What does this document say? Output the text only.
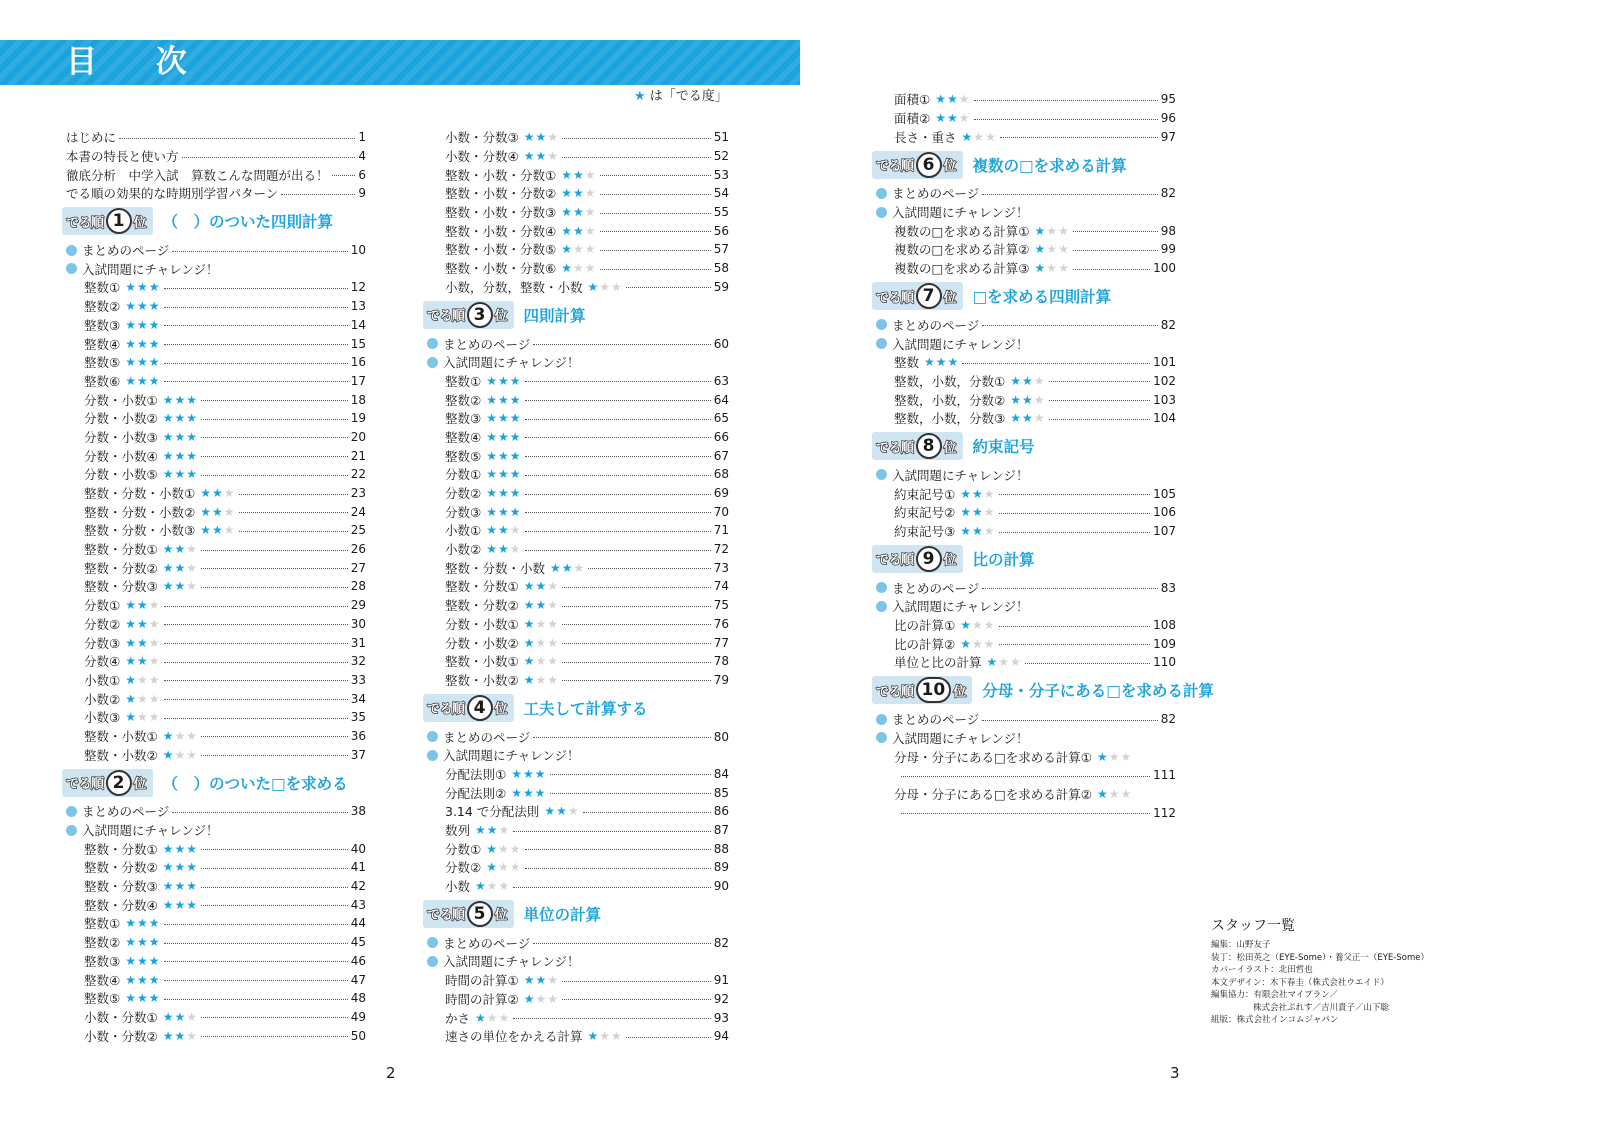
目 次
★ は「でる度」
はじめに	1
本書の特長と使い方	4
徹底分析　中学入試　算数こんな問題が出る！ 6
でる順の効果的な時期別学習パターン	9
でる順 1 位 （　）のついた四則計算
まとめのページ	10
入試問題にチャレンジ！
整数① ★★★	12
整数② ★★★	13
整数③ ★★★	14
整数④ ★★★	15
整数⑤ ★★★	16
整数⑥ ★★★	17
分数・小数① ★★★	18
分数・小数② ★★★	19
分数・小数③ ★★★	20
分数・小数④ ★★★	21
分数・小数⑤ ★★★	22
整数・分数・小数① ★★★	23
整数・分数・小数② ★★★	24
整数・分数・小数③ ★★★	25
整数・分数① ★★★	26
整数・分数② ★★★	27
整数・分数③ ★★★	28
分数① ★★★	29
分数② ★★★	30
分数③ ★★★	31
分数④ ★★★	32
小数① ★★★	33
小数② ★★★	34
小数③ ★★★	35
整数・小数① ★★★	36
整数・小数② ★★★	37
でる順 2 位 （　）のついた□を求める
まとめのページ	38
入試問題にチャレンジ！
整数・分数① ★★★	40
整数・分数② ★★★	41
整数・分数③ ★★★	42
整数・分数④ ★★★	43
整数① ★★★	44
整数② ★★★	45
整数③ ★★★	46
整数④ ★★★	47
整数⑤ ★★★	48
小数・分数① ★★★	49
小数・分数② ★★★	50
小数・分数③ ★★★	51
小数・分数④ ★★★	52
整数・小数・分数① ★★★	53
整数・小数・分数② ★★★	54
整数・小数・分数③ ★★★	55
整数・小数・分数④ ★★★	56
整数・小数・分数⑤ ★★★	57
整数・小数・分数⑥ ★★★	58
小数，分数，整数・小数 ★★★	59
でる順 3 位 四則計算
まとめのページ	60
入試問題にチャレンジ！
整数① ★★★	63
整数② ★★★	64
整数③ ★★★	65
整数④ ★★★	66
整数⑤ ★★★	67
分数① ★★★	68
分数② ★★★	69
分数③ ★★★	70
小数① ★★★	71
小数② ★★★	72
整数・分数・小数 ★★★	73
整数・分数① ★★★	74
整数・分数② ★★★	75
分数・小数① ★★★	76
分数・小数② ★★★	77
整数・小数① ★★★	78
整数・小数② ★★★	79
でる順 4 位 工夫して計算する
まとめのページ	80
入試問題にチャレンジ！
分配法則① ★★★	84
分配法則② ★★★	85
3.14 で分配法則 ★★★	86
数列 ★★★	87
分数① ★★★	88
分数② ★★★	89
小数 ★★★	90
でる順 5 位 単位の計算
まとめのページ	82
入試問題にチャレンジ！
時間の計算① ★★★	91
時間の計算② ★★★	92
かさ ★★★	93
速さの単位をかえる計算 ★★★	94
面積① ★★★	95
面積② ★★★	96
長さ・重さ ★★★	97
でる順 6 位 複数の□を求める計算
まとめのページ	82
入試問題にチャレンジ！
複数の□を求める計算① ★★★	98
複数の□を求める計算② ★★★	99
複数の□を求める計算③ ★★★	100
でる順 7 位 □を求める四則計算
まとめのページ	82
入試問題にチャレンジ！
整数 ★★★	101
整数，小数，分数① ★★★	102
整数，小数，分数② ★★★	103
整数，小数，分数③ ★★★	104
でる順 8 位 約束記号
入試問題にチャレンジ！
約束記号① ★★★	105
約束記号② ★★★	106
約束記号③ ★★★	107
でる順 9 位 比の計算
まとめのページ	83
入試問題にチャレンジ！
比の計算① ★★★	108
比の計算② ★★★	109
単位と比の計算 ★★★	110
でる順 10 位 分母・分子にある□を求める計算
まとめのページ	82
入試問題にチャレンジ！
分母・分子にある□を求める計算① ★★★
111
分母・分子にある□を求める計算② ★★★
112
スタッフ一覧
編集：山野友子
装丁：松田英之（EYE-Some）・養父正一（EYE-Some）
カバーイラスト：北田哲也
本文デザイン：木下春圭（株式会社ウエイド）
編集協力：有限会社マイプラン／
株式会社ぷれす／吉川貴子／山下聡
組版：株式会社インコムジャパン
2	3
